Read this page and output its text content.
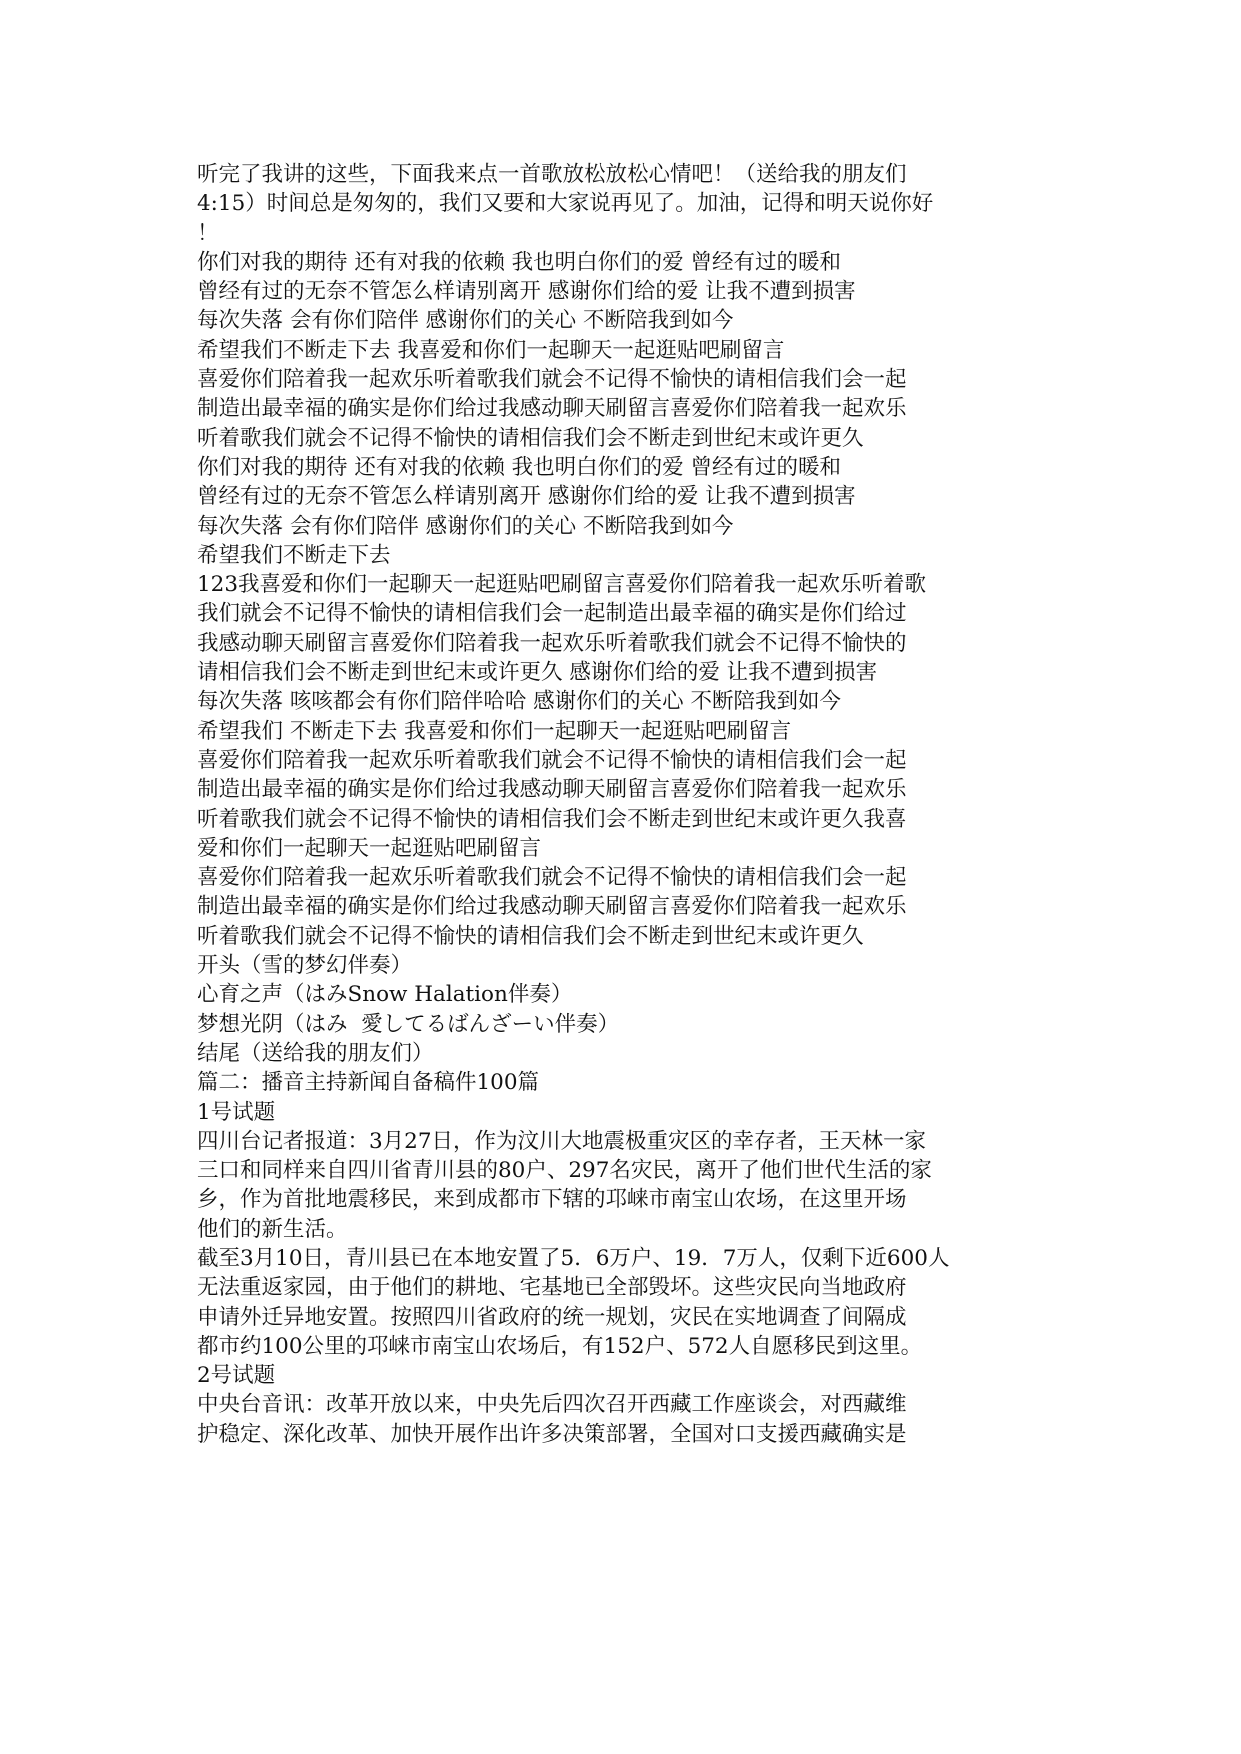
听完了我讲的这些，下面我来点一首歌放松放松心情吧！（送给我的朋友们
4:15）时间总是匆匆的，我们又要和大家说再见了。加油，记得和明天说你好
！
你们对我的期待 还有对我的依赖 我也明白你们的爱 曾经有过的暖和
曾经有过的无奈不管怎么样请别离开 感谢你们给的爱 让我不遭到损害
每次失落 会有你们陪伴 感谢你们的关心 不断陪我到如今
希望我们不断走下去 我喜爱和你们一起聊天一起逛贴吧刷留言
喜爱你们陪着我一起欢乐听着歌我们就会不记得不愉快的请相信我们会一起
制造出最幸福的确实是你们给过我感动聊天刷留言喜爱你们陪着我一起欢乐
听着歌我们就会不记得不愉快的请相信我们会不断走到世纪末或许更久
你们对我的期待 还有对我的依赖 我也明白你们的爱 曾经有过的暖和
曾经有过的无奈不管怎么样请别离开 感谢你们给的爱 让我不遭到损害
每次失落 会有你们陪伴 感谢你们的关心 不断陪我到如今
希望我们不断走下去
123我喜爱和你们一起聊天一起逛贴吧刷留言喜爱你们陪着我一起欢乐听着歌
我们就会不记得不愉快的请相信我们会一起制造出最幸福的确实是你们给过
我感动聊天刷留言喜爱你们陪着我一起欢乐听着歌我们就会不记得不愉快的
请相信我们会不断走到世纪末或许更久 感谢你们给的爱 让我不遭到损害
每次失落 咳咳都会有你们陪伴哈哈 感谢你们的关心 不断陪我到如今
希望我们 不断走下去 我喜爱和你们一起聊天一起逛贴吧刷留言
喜爱你们陪着我一起欢乐听着歌我们就会不记得不愉快的请相信我们会一起
制造出最幸福的确实是你们给过我感动聊天刷留言喜爱你们陪着我一起欢乐
听着歌我们就会不记得不愉快的请相信我们会不断走到世纪末或许更久我喜
爱和你们一起聊天一起逛贴吧刷留言
喜爱你们陪着我一起欢乐听着歌我们就会不记得不愉快的请相信我们会一起
制造出最幸福的确实是你们给过我感动聊天刷留言喜爱你们陪着我一起欢乐
听着歌我们就会不记得不愉快的请相信我们会不断走到世纪末或许更久
开头（雪的梦幻伴奏）
心育之声（はみSnow Halation伴奏）
梦想光阴（はみ  愛してるばんざーい伴奏）
结尾（送给我的朋友们）
篇二：播音主持新闻自备稿件100篇
1号试题
四川台记者报道：3月27日，作为汶川大地震极重灾区的幸存者，王天林一家
三口和同样来自四川省青川县的80户、297名灾民，离开了他们世代生活的家
乡，作为首批地震移民，来到成都市下辖的邛崃市南宝山农场，在这里开场
他们的新生活。
截至3月10日，青川县已在本地安置了5．6万户、19．7万人，仅剩下近600人
无法重返家园，由于他们的耕地、宅基地已全部毁坏。这些灾民向当地政府
申请外迁异地安置。按照四川省政府的统一规划，灾民在实地调查了间隔成
都市约100公里的邛崃市南宝山农场后，有152户、572人自愿移民到这里。
2号试题
中央台音讯：改革开放以来，中央先后四次召开西藏工作座谈会，对西藏维
护稳定、深化改革、加快开展作出许多决策部署，全国对口支援西藏确实是
